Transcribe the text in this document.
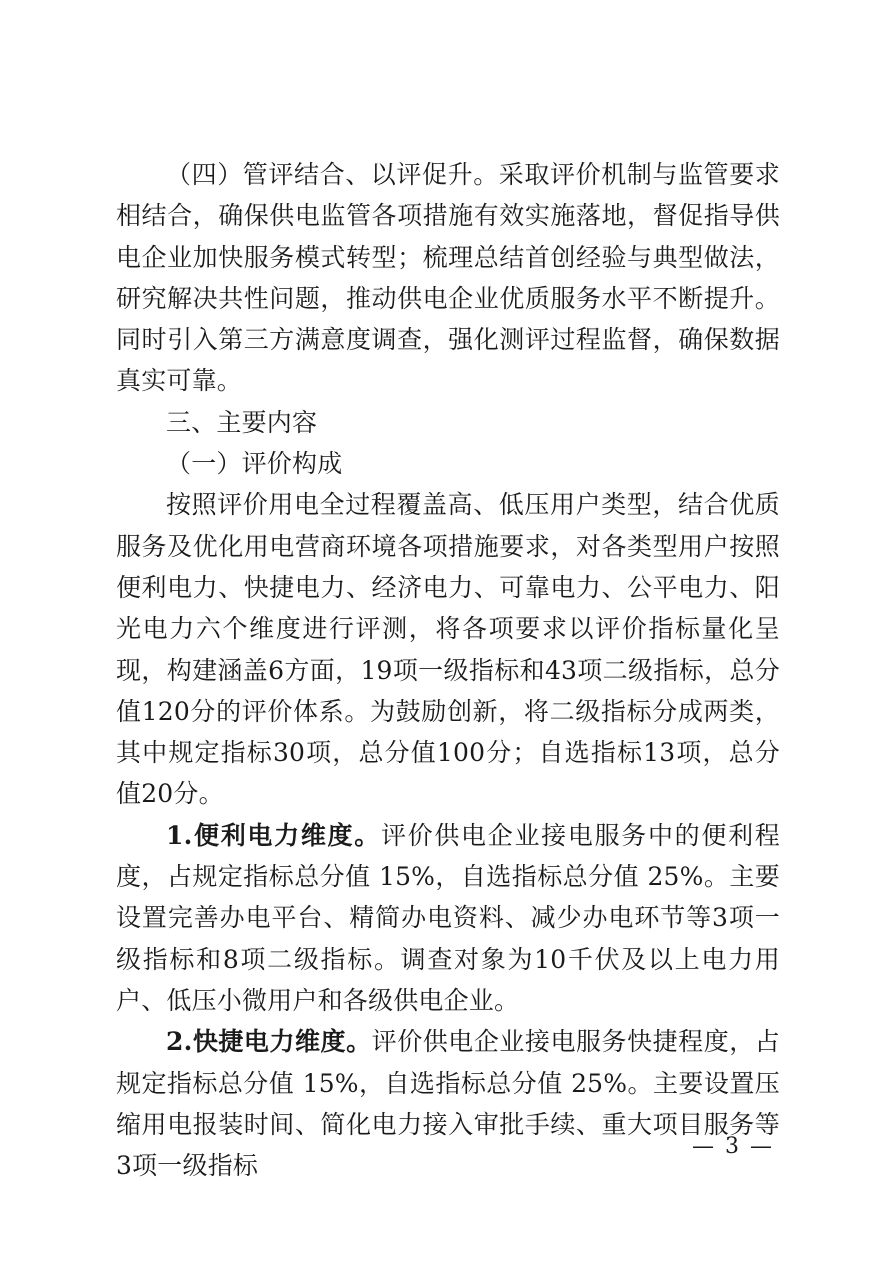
（四）管评结合、以评促升。采取评价机制与监管要求相结合，确保供电监管各项措施有效实施落地，督促指导供电企业加快服务模式转型；梳理总结首创经验与典型做法，研究解决共性问题，推动供电企业优质服务水平不断提升。同时引入第三方满意度调查，强化测评过程监督，确保数据真实可靠。

三、主要内容

（一）评价构成

按照评价用电全过程覆盖高、低压用户类型，结合优质服务及优化用电营商环境各项措施要求，对各类型用户按照便利电力、快捷电力、经济电力、可靠电力、公平电力、阳光电力六个维度进行评测，将各项要求以评价指标量化呈现，构建涵盖6方面，19项一级指标和43项二级指标，总分值120分的评价体系。为鼓励创新，将二级指标分成两类，其中规定指标30项，总分值100分；自选指标13项，总分值20分。

1.便利电力维度。评价供电企业接电服务中的便利程度，占规定指标总分值 15%，自选指标总分值 25%。主要设置完善办电平台、精简办电资料、减少办电环节等3项一级指标和8项二级指标。调查对象为10千伏及以上电力用户、低压小微用户和各级供电企业。

2.快捷电力维度。评价供电企业接电服务快捷程度，占规定指标总分值 15%，自选指标总分值 25%。主要设置压缩用电报装时间、简化电力接入审批手续、重大项目服务等3项一级指标

— 3 —
